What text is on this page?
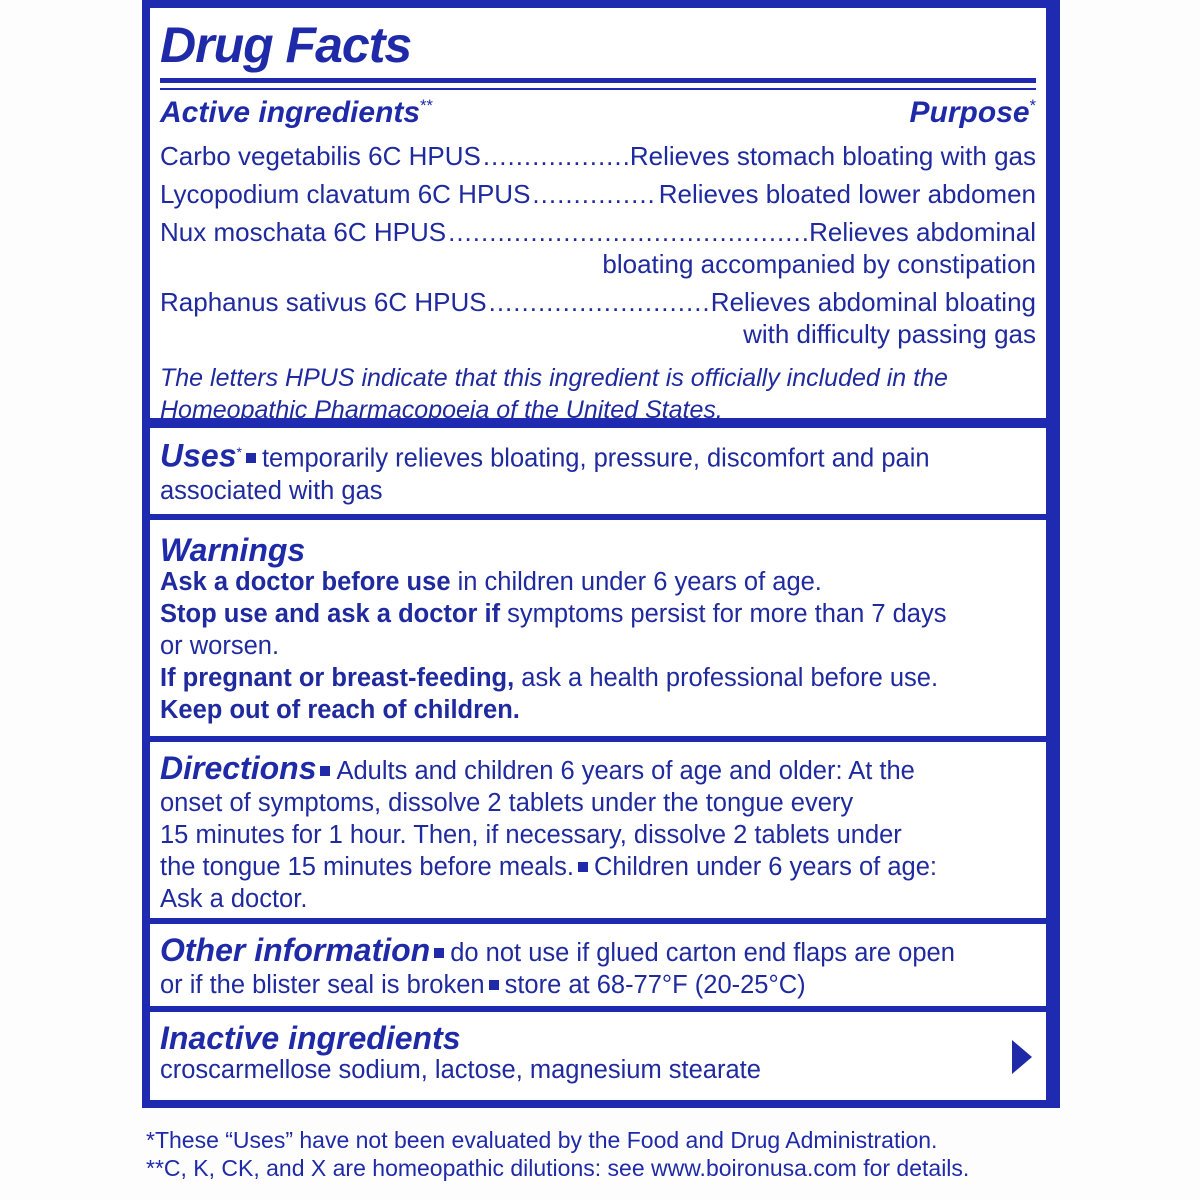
Drug Facts
Active ingredients**	Purpose*
Carbo vegetabilis 6C HPUS .....	Relieves stomach bloating with gas
Lycopodium clavatum 6C HPUS .....	Relieves bloated lower abdomen
Nux moschata 6C HPUS .....	Relieves abdominal
bloating accompanied by constipation
Raphanus sativus 6C HPUS .....	Relieves abdominal bloating
with difficulty passing gas
The letters HPUS indicate that this ingredient is officially included in the
Homeopathic Pharmacopoeia of the United States.
Uses* temporarily relieves bloating, pressure, discomfort and pain
associated with gas
Warnings
Ask a doctor before use in children under 6 years of age.
Stop use and ask a doctor if symptoms persist for more than 7 days
or worsen.
If pregnant or breast-feeding, ask a health professional before use.
Keep out of reach of children.
Directions Adults and children 6 years of age and older: At the
onset of symptoms, dissolve 2 tablets under the tongue every
15 minutes for 1 hour. Then, if necessary, dissolve 2 tablets under
the tongue 15 minutes before meals. Children under 6 years of age:
Ask a doctor.
Other information do not use if glued carton end flaps are open
or if the blister seal is broken store at 68-77°F (20-25°C)
Inactive ingredients
croscarmellose sodium, lactose, magnesium stearate
*These “Uses” have not been evaluated by the Food and Drug Administration.
**C, K, CK, and X are homeopathic dilutions: see www.boironusa.com for details.
